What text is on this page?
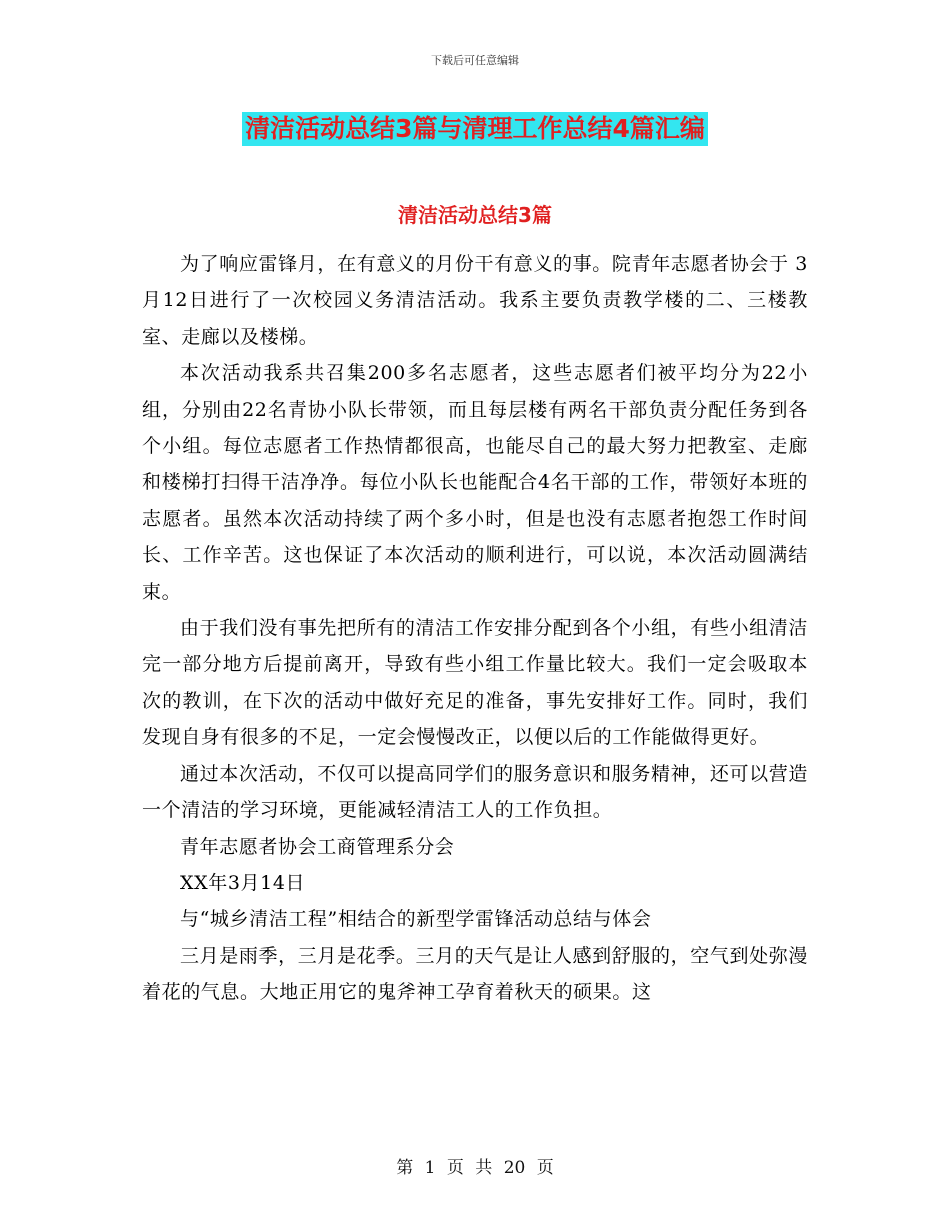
下载后可任意编辑
清洁活动总结3篇与清理工作总结4篇汇编
清洁活动总结3篇

为了响应雷锋月，在有意义的月份干有意义的事。院青年志愿者协会于 3月12日进行了一次校园义务清洁活动。我系主要负责教学楼的二、三楼教室、走廊以及楼梯。

本次活动我系共召集200多名志愿者，这些志愿者们被平均分为22小组，分别由22名青协小队长带领，而且每层楼有两名干部负责分配任务到各个小组。每位志愿者工作热情都很高，也能尽自己的最大努力把教室、走廊和楼梯打扫得干洁净净。每位小队长也能配合4名干部的工作，带领好本班的志愿者。虽然本次活动持续了两个多小时，但是也没有志愿者抱怨工作时间长、工作辛苦。这也保证了本次活动的顺利进行，可以说，本次活动圆满结束。

由于我们没有事先把所有的清洁工作安排分配到各个小组，有些小组清洁完一部分地方后提前离开，导致有些小组工作量比较大。我们一定会吸取本次的教训，在下次的活动中做好充足的准备，事先安排好工作。同时，我们发现自身有很多的不足，一定会慢慢改正，以便以后的工作能做得更好。

通过本次活动，不仅可以提高同学们的服务意识和服务精神，还可以营造一个清洁的学习环境，更能减轻清洁工人的工作负担。

青年志愿者协会工商管理系分会

XX年3月14日

与“城乡清洁工程”相结合的新型学雷锋活动总结与体会

三月是雨季，三月是花季。三月的天气是让人感到舒服的，空气到处弥漫着花的气息。大地正用它的鬼斧神工孕育着秋天的硕果。这

第 1 页 共 20 页
